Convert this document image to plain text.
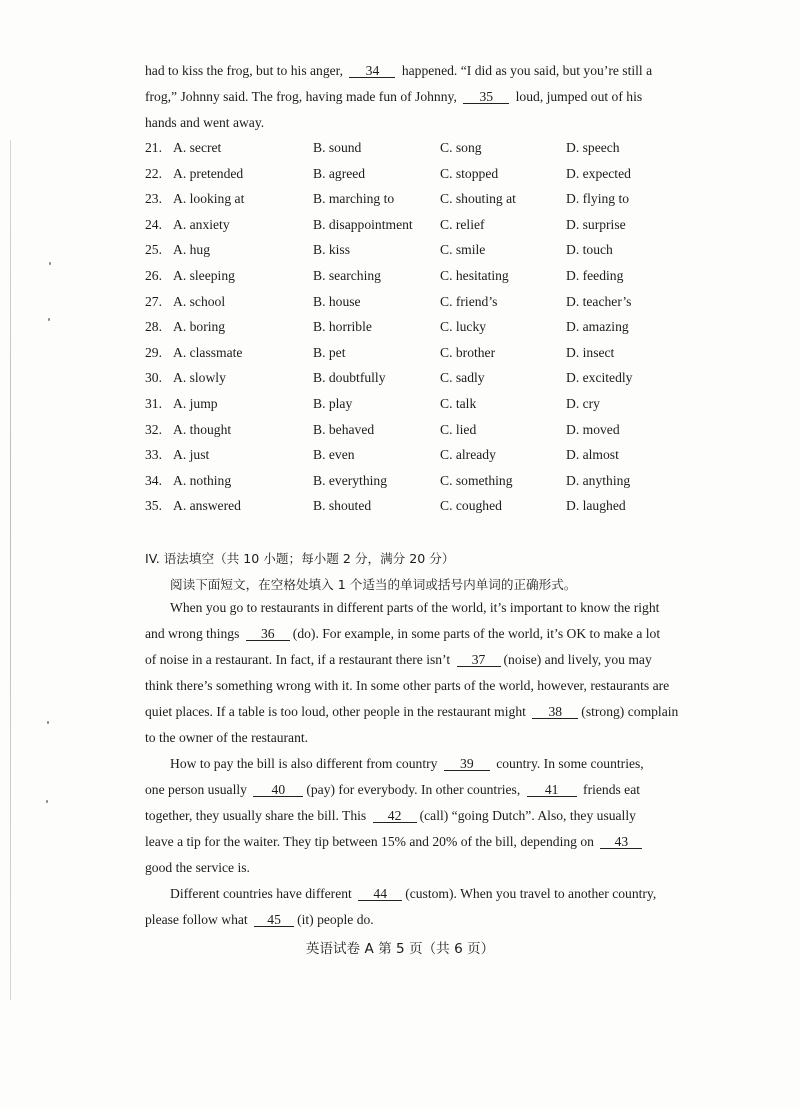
had to kiss the frog, but to his anger, 34 happened. “I did as you said, but you’re still a
frog,” Johnny said. The frog, having made fun of Johnny, 35 loud, jumped out of his
hands and went away.
21. A. secret	B. sound	C. song	D. speech
22. A. pretended	B. agreed	C. stopped	D. expected
23. A. looking at	B. marching to	C. shouting at	D. flying to
24. A. anxiety	B. disappointment C. relief	D. surprise
25. A. hug	B. kiss	C. smile	D. touch
26. A. sleeping	B. searching	C. hesitating	D. feeding
27. A. school	B. house	C. friend’s	D. teacher’s
28. A. boring	B. horrible	C. lucky	D. amazing
29. A. classmate	B. pet	C. brother	D. insect
30. A. slowly	B. doubtfully	C. sadly	D. excitedly
31. A. jump	B. play	C. talk	D. cry
32. A. thought	B. behaved	C. lied	D. moved
33. A. just	B. even	C. already	D. almost
34. A. nothing	B. everything	C. something	D. anything
35. A. answered	B. shouted	C. coughed	D. laughed
IV. 语法填空（共 10 小题；每小题 2 分，满分 20 分）
阅读下面短文，在空格处填入 1 个适当的单词或括号内单词的正确形式。
When you go to restaurants in different parts of the world, it’s important to know the right
and wrong things 36 (do). For example, in some parts of the world, it’s OK to make a lot
of noise in a restaurant. In fact, if a restaurant there isn’t 37 (noise) and lively, you may
think there’s something wrong with it. In some other parts of the world, however, restaurants are
quiet places. If a table is too loud, other people in the restaurant might 38 (strong) complain
to the owner of the restaurant.
How to pay the bill is also different from country 39 country. In some countries,
one person usually 40 (pay) for everybody. In other countries, 41 friends eat
together, they usually share the bill. This 42 (call) “going Dutch”. Also, they usually
leave a tip for the waiter. They tip between 15% and 20% of the bill, depending on 43
good the service is.
Different countries have different 44 (custom). When you travel to another country,
please follow what 45 (it) people do.
英语试卷 A 第 5 页（共 6 页）
